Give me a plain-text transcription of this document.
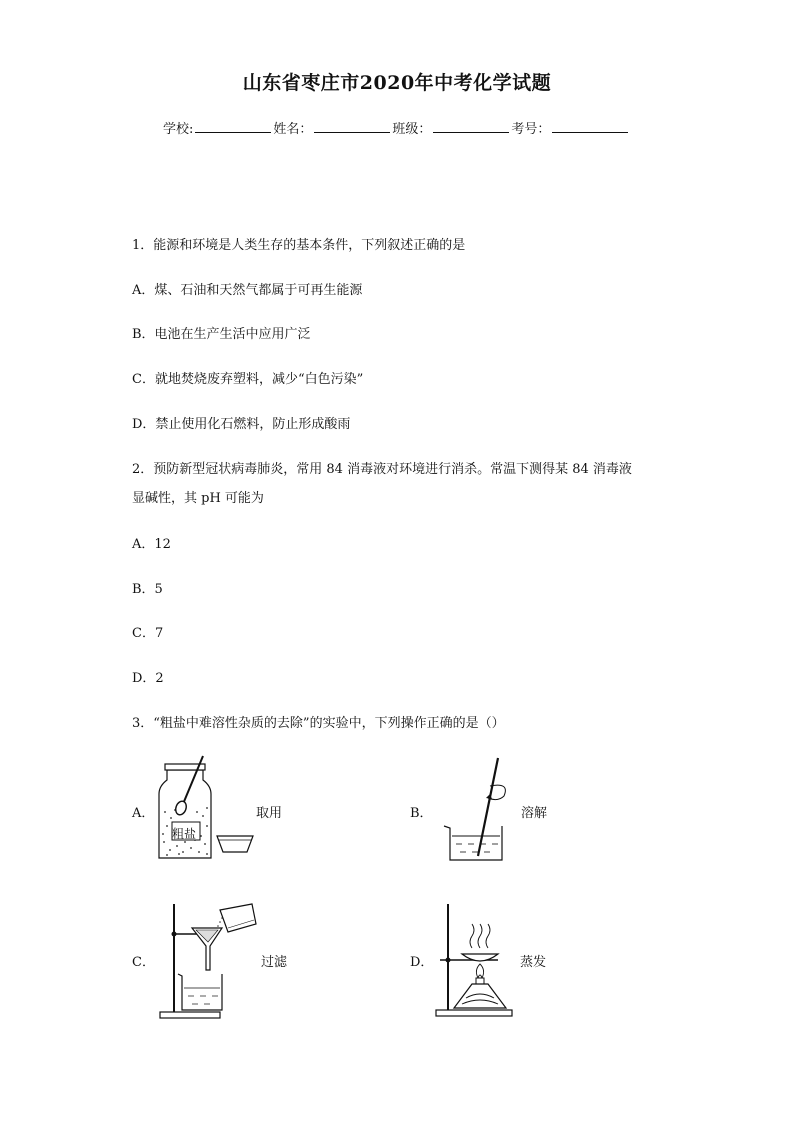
山东省枣庄市2020年中考化学试题
学校:	姓名：	班级：	考号：
1．能源和环境是人类生存的基本条件，下列叙述正确的是
A．煤、石油和天然气都属于可再生能源
B．电池在生产生活中应用广泛
C．就地焚烧废弃塑料，减少“白色污染”
D．禁止使用化石燃料，防止形成酸雨
2．预防新型冠状病毒肺炎，常用 84 消毒液对环境进行消杀。常温下测得某 84 消毒液
显碱性，其 pH 可能为
A．12
B．5
C．7
D．2
3．“粗盐中难溶性杂质的去除”的实验中，下列操作正确的是（）
A．
粗盐
取用	B．	溶解
C．	过滤	D．	蒸发
